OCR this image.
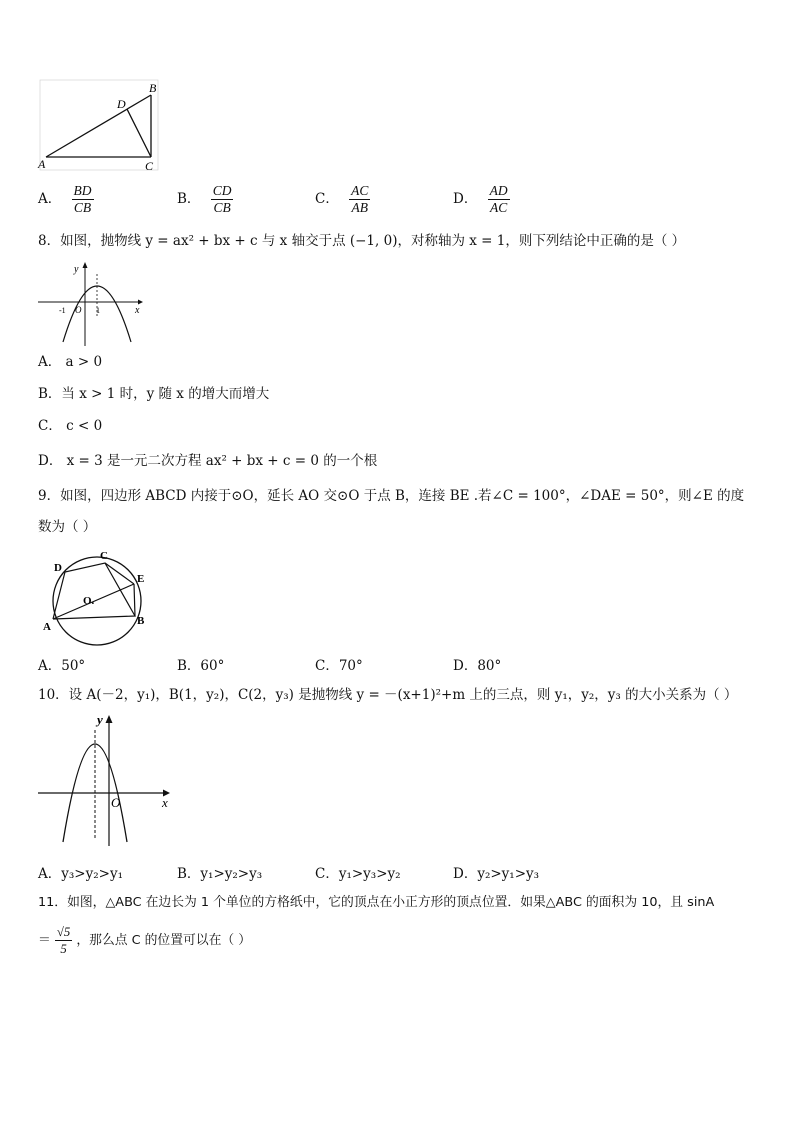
A
B
C
D
A． $\frac{BD}{CB}$	B． $\frac{CD}{CB}$	C． $\frac{AC}{AB}$	D． $\frac{AD}{AC}$
8．如图，抛物线 y = ax² + bx + c 与 x 轴交于点 (−1, 0)，对称轴为 x = 1，则下列结论中正确的是（ ）
y
x
O
-1	1
A． a > 0
B．当 x > 1 时，y 随 x 的增大而增大
C． c < 0
D． x = 3 是一元二次方程 ax² + bx + c = 0 的一个根
9．如图，四边形 ABCD 内接于⊙O，延长 AO 交⊙O 于点 B，连接 BE .若∠C = 100°，∠DAE = 50°，则∠E 的度
数为（ ）
A	B
C
D
E
O.
A．50°	B．60°	C．70°	D．80°
10．设 A(－2，y₁)，B(1，y₂)，C(2，y₃) 是抛物线 y = －(x+1)²+m 上的三点，则 y₁，y₂，y₃ 的大小关系为（ ）
y
x
O
A．y₃>y₂>y₁	B．y₁>y₂>y₃	C．y₁>y₃>y₂	D．y₂>y₁>y₃
11．如图，△ABC 在边长为 1 个单位的方格纸中，它的顶点在小正方形的顶点位置．如果△ABC 的面积为 10，且 sinA
＝ $\frac{√5}{5}$ ，那么点 C 的位置可以在（ ）
